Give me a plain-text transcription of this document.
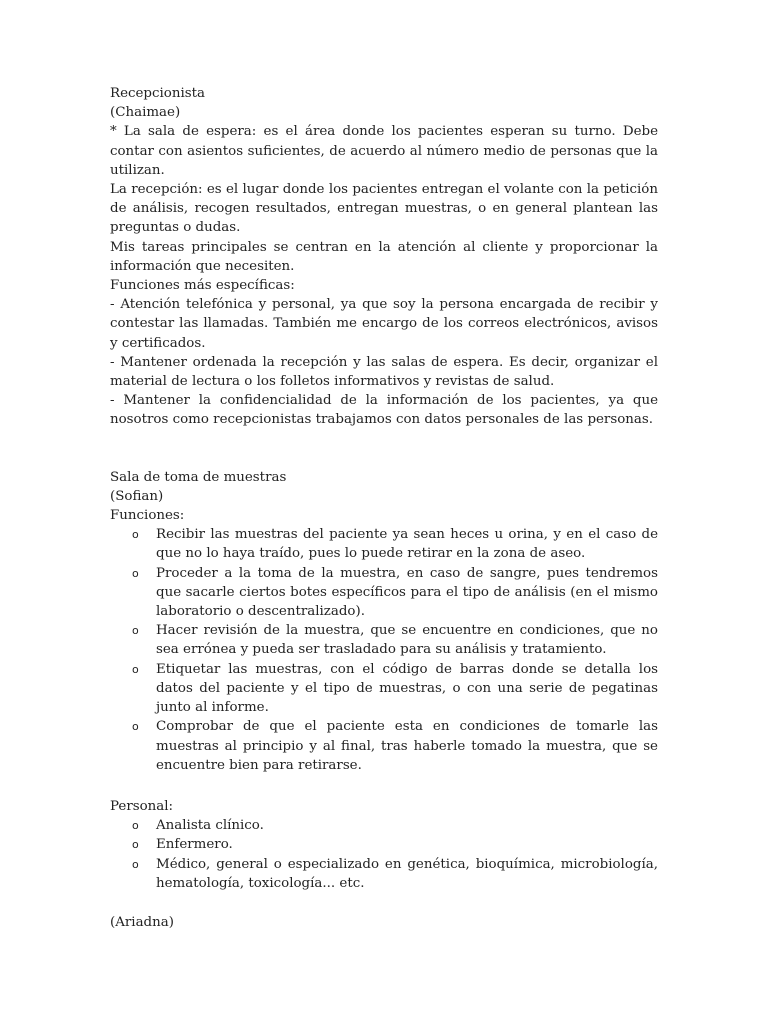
Recepcionista
(Chaimae)
* La sala de espera: es el área donde los pacientes esperan su turno. Debe contar con asientos suficientes, de acuerdo al número medio de personas que la utilizan.
La recepción: es el lugar donde los pacientes entregan el volante con la petición de análisis, recogen resultados, entregan muestras, o en general plantean las preguntas o dudas.
Mis tareas principales se centran en la atención al cliente y proporcionar la información que necesiten.
Funciones más específicas:
- Atención telefónica y personal, ya que soy la persona encargada de recibir y contestar las llamadas. También me encargo de los correos electrónicos, avisos y certificados.
- Mantener ordenada la recepción y las salas de espera. Es decir, organizar el material de lectura o los folletos informativos y revistas de salud.
- Mantener la confidencialidad de la información de los pacientes, ya que nosotros como recepcionistas trabajamos con datos personales de las personas.
Sala de toma de muestras
(Sofian)
Funciones:
o Recibir las muestras del paciente ya sean heces u orina, y en el caso de que no lo haya traído, pues lo puede retirar en la zona de aseo.
o Proceder a la toma de la muestra, en caso de sangre, pues tendremos que sacarle ciertos botes específicos para el tipo de análisis (en el mismo laboratorio o descentralizado).
o Hacer revisión de la muestra, que se encuentre en condiciones, que no sea errónea y pueda ser trasladado para su análisis y tratamiento.
o Etiquetar las muestras, con el código de barras donde se detalla los datos del paciente y el tipo de muestras, o con una serie de pegatinas junto al informe.
o Comprobar de que el paciente esta en condiciones de tomarle las muestras al principio y al final, tras haberle tomado la muestra, que se encuentre bien para retirarse.
Personal:
o Analista clínico.
o Enfermero.
o Médico, general o especializado en genética, bioquímica, microbiología, hematología, toxicología... etc.
(Ariadna)
